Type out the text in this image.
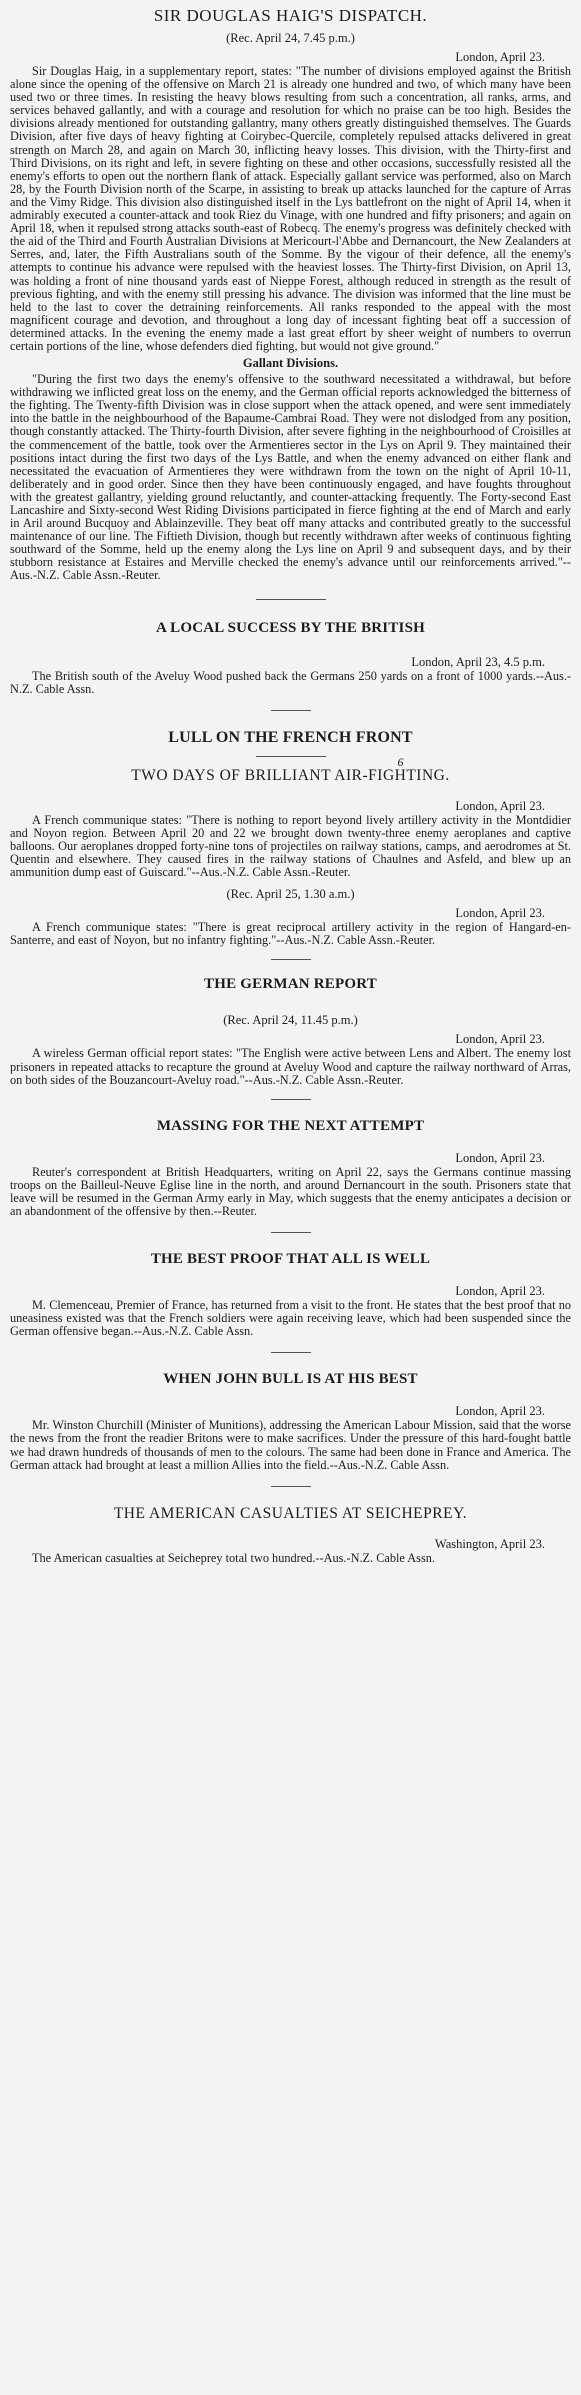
SIR DOUGLAS HAIG'S DISPATCH.
(Rec. April 24, 7.45 p.m.)
London, April 23.

Sir Douglas Haig, in a supplementary report, states: "The number of divisions employed against the British alone since the opening of the offensive on March 21 is already one hundred and two, of which many have been used two or three times. In resisting the heavy blows resulting from such a concentration, all ranks, arms, and services behaved gallantly, and with a courage and resolution for which no praise can be too high. Besides the divisions already mentioned for outstanding gallantry, many others greatly distinguished themselves. The Guards Division, after five days of heavy fighting at Coirybec-Quercile, completely repulsed attacks delivered in great strength on March 28, and again on March 30, inflicting heavy losses. This division, with the Thirty-first and Third Divisions, on its right and left, in severe fighting on these and other occasions, successfully resisted all the enemy's efforts to open out the northern flank of attack. Especially gallant service was performed, also on March 28, by the Fourth Division north of the Scarpe, in assisting to break up attacks launched for the capture of Arras and the Vimy Ridge. This division also distinguished itself in the Lys battlefront on the night of April 14, when it admirably executed a counter-attack and took Riez du Vinage, with one hundred and fifty prisoners; and again on April 18, when it repulsed strong attacks south-east of Robecq. The enemy's progress was definitely checked with the aid of the Third and Fourth Australian Divisions at Mericourt-l'Abbe and Dernancourt, the New Zealanders at Serres, and, later, the Fifth Australians south of the Somme. By the vigour of their defence, all the enemy's attempts to continue his advance were repulsed with the heaviest losses. The Thirty-first Division, on April 13, was holding a front of nine thousand yards east of Nieppe Forest, although reduced in strength as the result of previous fighting, and with the enemy still pressing his advance. The division was informed that the line must be held to the last to cover the detraining reinforcements. All ranks responded to the appeal with the most magnificent courage and devotion, and throughout a long day of incessant fighting beat off a succession of determined attacks. In the evening the enemy made a last great effort by sheer weight of numbers to overrun certain portions of the line, whose defenders died fighting, but would not give ground."

Gallant Divisions.

"During the first two days the enemy's offensive to the southward necessitated a withdrawal, but before withdrawing we inflicted great loss on the enemy, and the German official reports acknowledged the bitterness of the fighting. The Twenty-fifth Division was in close support when the attack opened, and were sent immediately into the battle in the neighbourhood of the Bapaume-Cambrai Road. They were not dislodged from any position, though constantly attacked. The Thirty-fourth Division, after severe fighting in the neighbourhood of Croisilles at the commencement of the battle, took over the Armentieres sector in the Lys on April 9. They maintained their positions intact during the first two days of the Lys Battle, and when the enemy advanced on either flank and necessitated the evacuation of Armentieres they were withdrawn from the town on the night of April 10-11, deliberately and in good order. Since then they have been continuously engaged, and have foughts throughout with the greatest gallantry, yielding ground reluctantly, and counter-attacking frequently. The Forty-second East Lancashire and Sixty-second West Riding Divisions participated in fierce fighting at the end of March and early in Aril around Bucquoy and Ablainzeville. They beat off many attacks and contributed greatly to the successful maintenance of our line. The Fiftieth Division, though but recently withdrawn after weeks of continuous fighting southward of the Somme, held up the enemy along the Lys line on April 9 and subsequent days, and by their stubborn resistance at Estaires and Merville checked the enemy's advance until our reinforcements arrived."--Aus.-N.Z. Cable Assn.-Reuter.

A LOCAL SUCCESS BY THE BRITISH
London, April 23, 4.5 p.m.

The British south of the Aveluy Wood pushed back the Germans 250 yards on a front of 1000 yards.--Aus.-N.Z. Cable Assn.

LULL ON THE FRENCH FRONT
6
TWO DAYS OF BRILLIANT AIR-FIGHTING.
London, April 23.

A French communique states: "There is nothing to report beyond lively artillery activity in the Montdidier and Noyon region. Between April 20 and 22 we brought down twenty-three enemy aeroplanes and captive balloons. Our aeroplanes dropped forty-nine tons of projectiles on railway stations, camps, and aerodromes at St. Quentin and elsewhere. They caused fires in the railway stations of Chaulnes and Asfeld, and blew up an ammunition dump east of Guiscard."--Aus.-N.Z. Cable Assn.-Reuter.

(Rec. April 25, 1.30 a.m.)
London, April 23.

A French communique states: "There is great reciprocal artillery activity in the region of Hangard-en-Santerre, and east of Noyon, but no infantry fighting."--Aus.-N.Z. Cable Assn.-Reuter.

THE GERMAN REPORT
(Rec. April 24, 11.45 p.m.)
London, April 23.

A wireless German official report states: "The English were active between Lens and Albert. The enemy lost prisoners in repeated attacks to recapture the ground at Aveluy Wood and capture the railway northward of Arras, on both sides of the Bouzancourt-Aveluy road."--Aus.-N.Z. Cable Assn.-Reuter.

MASSING FOR THE NEXT ATTEMPT
London, April 23.

Reuter's correspondent at British Headquarters, writing on April 22, says the Germans continue massing troops on the Bailleul-Neuve Eglise line in the north, and around Dernancourt in the south. Prisoners state that leave will be resumed in the German Army early in May, which suggests that the enemy anticipates a decision or an abandonment of the offensive by then.--Reuter.

THE BEST PROOF THAT ALL IS WELL
London, April 23.

M. Clemenceau, Premier of France, has returned from a visit to the front. He states that the best proof that no uneasiness existed was that the French soldiers were again receiving leave, which had been suspended since the German offensive began.--Aus.-N.Z. Cable Assn.

WHEN JOHN BULL IS AT HIS BEST
London, April 23.

Mr. Winston Churchill (Minister of Munitions), addressing the American Labour Mission, said that the worse the news from the front the readier Britons were to make sacrifices. Under the pressure of this hard-fought battle we had drawn hundreds of thousands of men to the colours. The same had been done in France and America. The German attack had brought at least a million Allies into the field.--Aus.-N.Z. Cable Assn.

THE AMERICAN CASUALTIES AT SEICHEPREY.
Washington, April 23.

The American casualties at Seicheprey total two hundred.--Aus.-N.Z. Cable Assn.
